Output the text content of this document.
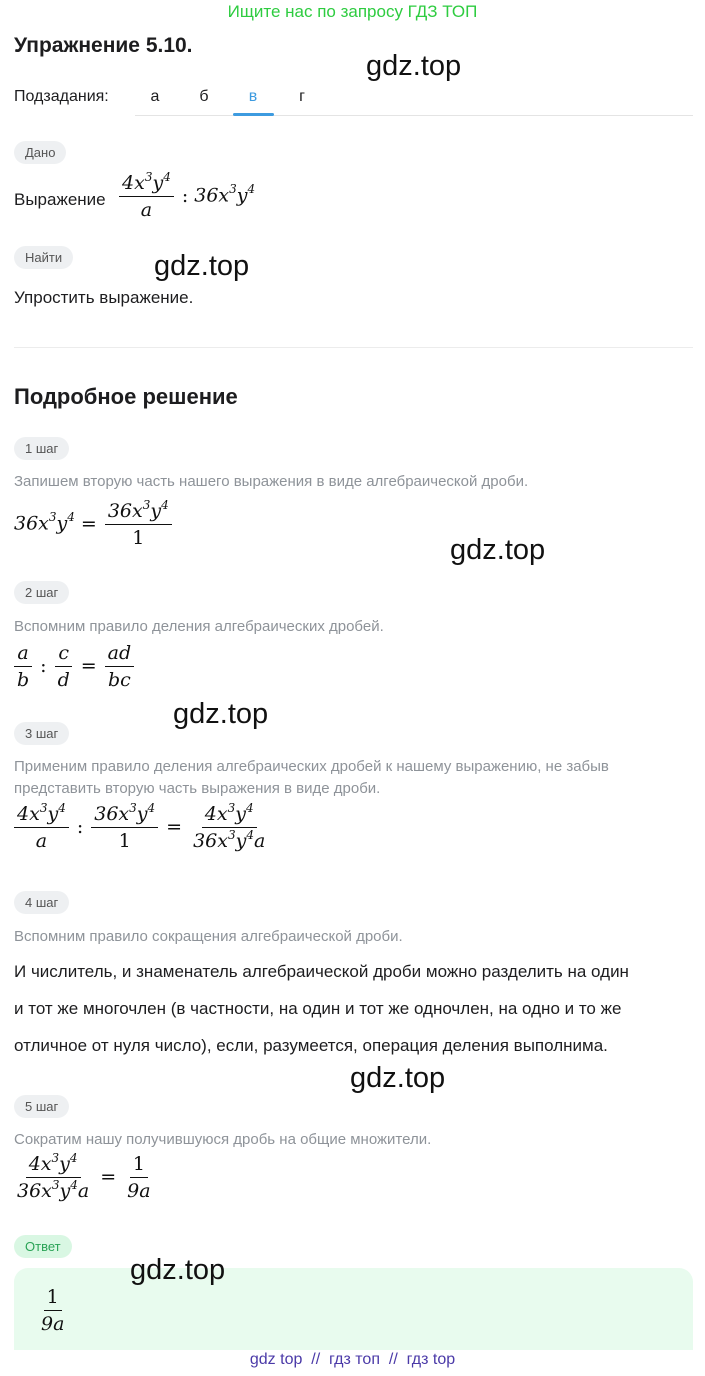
Ищите нас по запросу ГДЗ ТОП
Упражнение 5.10.
gdz.top
Подзадания:	а	б	в	г
Дано
Выражение $\frac{4x^3y^4}{a}$ : $36x^3y^4$
Найти	gdz.top
Упростить выражение.
Подробное решение
1 шаг
Запишем вторую часть нашего выражения в виде алгебраической дроби.
$36x^3y^4 = \frac{36x^3y^4}{1}$
gdz.top
2 шаг
Вспомним правило деления алгебраических дробей.
$\frac{a}{b}$ : $\frac{c}{d} = \frac{ad}{bc}$
gdz.top
3 шаг
Применим правило деления алгебраических дробей к нашему выражению, не забыв
представить вторую часть выражения в виде дроби.
$\frac{4x^3y^4}{a}$ : $\frac{36x^3y^4}{1} = \frac{4x^3y^4}{36x^3y^4a}$
4 шаг
Вспомним правило сокращения алгебраической дроби.
И числитель, и знаменатель алгебраической дроби можно разделить на один
и тот же многочлен (в частности, на один и тот же одночлен, на одно и то же
отличное от нуля число), если, разумеется, операция деления выполнима.
gdz.top
5 шаг
Сократим нашу получившуюся дробь на общие множители.
$\frac{4x^3y^4}{36x^3y^4a} = \frac{1}{9a}$
Ответ
gdz.top
$\frac{1}{9a}$
gdz top  //  гдз топ  //  гдз top
